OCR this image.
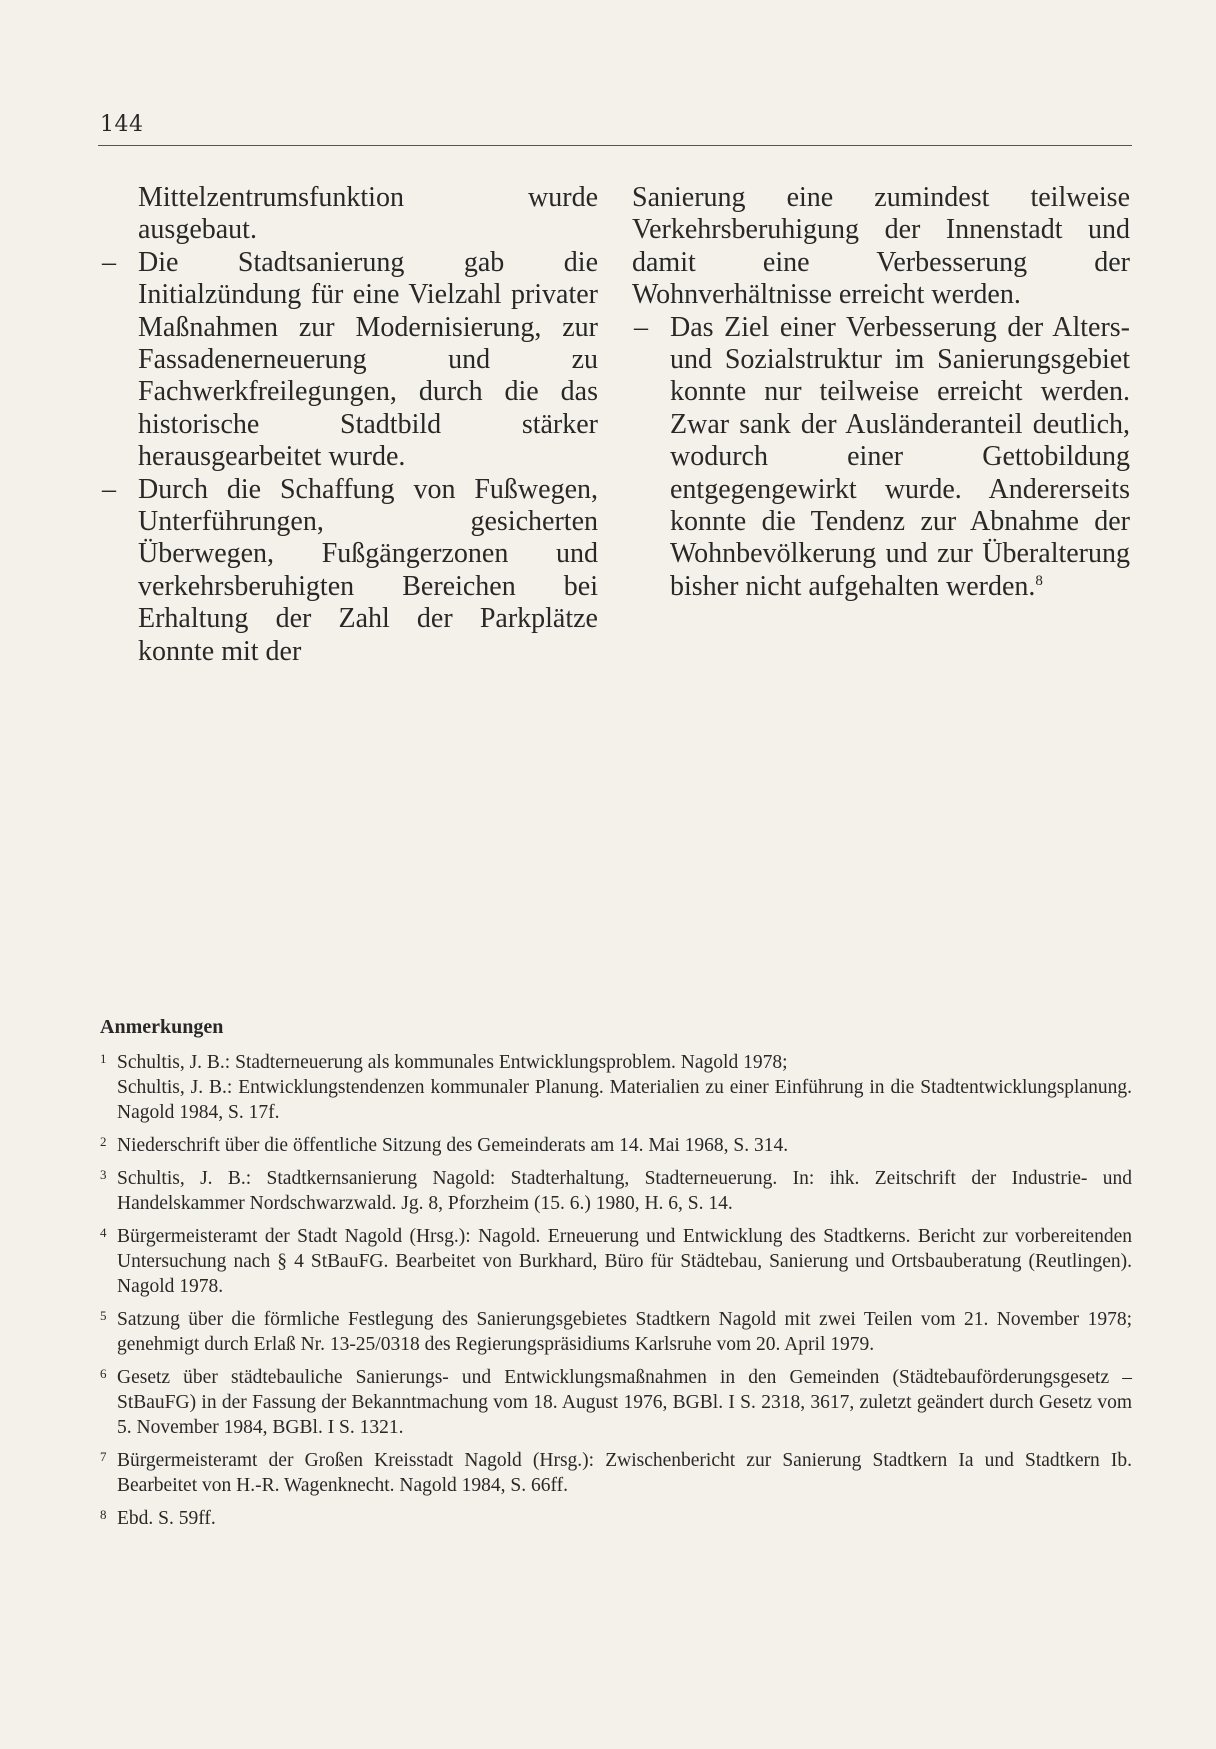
144

Mittelzentrumsfunktion wurde ausgebaut.

– Die Stadtsanierung gab die Initialzündung für eine Vielzahl privater Maßnahmen zur Modernisierung, zur Fassadenerneuerung und zu Fachwerkfreilegungen, durch die das historische Stadtbild stärker herausgearbeitet wurde.

– Durch die Schaffung von Fußwegen, Unterführungen, gesicherten Überwegen, Fußgängerzonen und verkehrsberuhigten Bereichen bei Erhaltung der Zahl der Parkplätze konnte mit der

Sanierung eine zumindest teilweise Verkehrsberuhigung der Innenstadt und damit eine Verbesserung der Wohnverhältnisse erreicht werden.

– Das Ziel einer Verbesserung der Alters- und Sozialstruktur im Sanierungsgebiet konnte nur teilweise erreicht werden. Zwar sank der Ausländeranteil deutlich, wodurch einer Gettobildung entgegengewirkt wurde. Andererseits konnte die Tendenz zur Abnahme der Wohnbevölkerung und zur Überalterung bisher nicht aufgehalten werden.$^8$

Anmerkungen

1 Schultis, J. B.: Stadterneuerung als kommunales Entwicklungsproblem. Nagold 1978;
Schultis, J. B.: Entwicklungstendenzen kommunaler Planung. Materialien zu einer Einführung in die Stadtentwicklungsplanung. Nagold 1984, S. 17f.
2 Niederschrift über die öffentliche Sitzung des Gemeinderats am 14. Mai 1968, S. 314.
3 Schultis, J. B.: Stadtkernsanierung Nagold: Stadterhaltung, Stadterneuerung. In: ihk. Zeitschrift der Industrie- und Handelskammer Nordschwarzwald. Jg. 8, Pforzheim (15. 6.) 1980, H. 6, S. 14.
4 Bürgermeisteramt der Stadt Nagold (Hrsg.): Nagold. Erneuerung und Entwicklung des Stadtkerns. Bericht zur vorbereitenden Untersuchung nach § 4 StBauFG. Bearbeitet von Burkhard, Büro für Städtebau, Sanierung und Ortsbauberatung (Reutlingen). Nagold 1978.
5 Satzung über die förmliche Festlegung des Sanierungsgebietes Stadtkern Nagold mit zwei Teilen vom 21. November 1978; genehmigt durch Erlaß Nr. 13-25/0318 des Regierungspräsidiums Karlsruhe vom 20. April 1979.
6 Gesetz über städtebauliche Sanierungs- und Entwicklungsmaßnahmen in den Gemeinden (Städtebauförderungsgesetz – StBauFG) in der Fassung der Bekanntmachung vom 18. August 1976, BGBl. I S. 2318, 3617, zuletzt geändert durch Gesetz vom 5. November 1984, BGBl. I S. 1321.
7 Bürgermeisteramt der Großen Kreisstadt Nagold (Hrsg.): Zwischenbericht zur Sanierung Stadtkern Ia und Stadtkern Ib. Bearbeitet von H.-R. Wagenknecht. Nagold 1984, S. 66ff.
8 Ebd. S. 59ff.
